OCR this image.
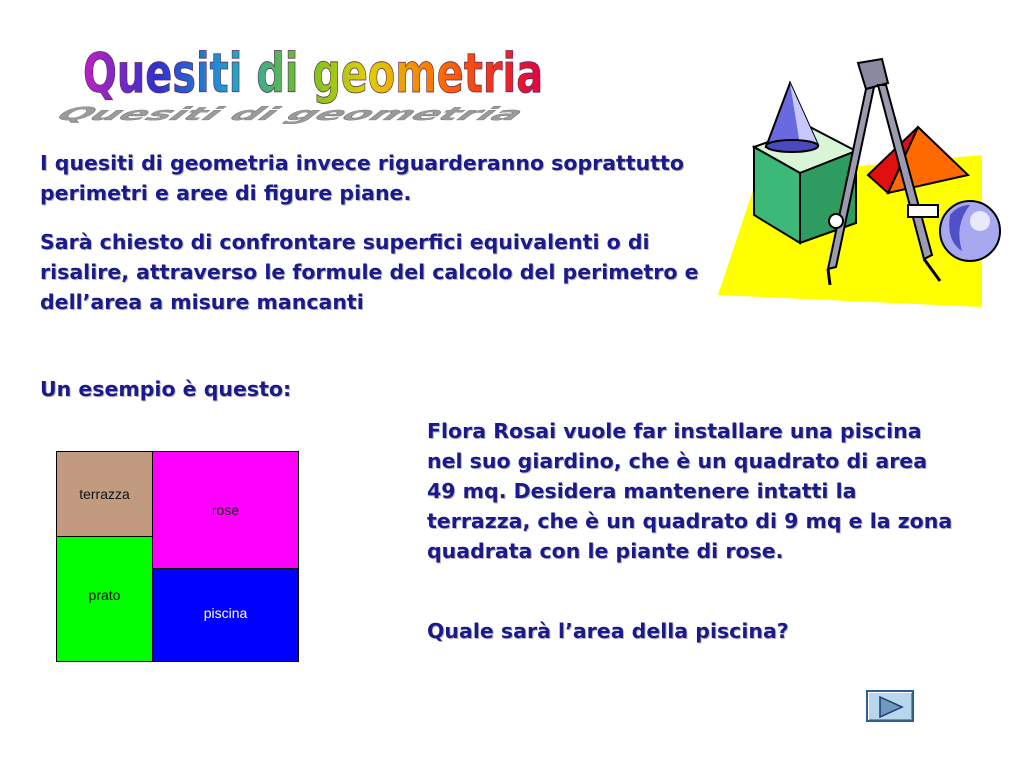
Quesiti di geometria
Quesiti di geometria
I quesiti di geometria invece riguarderanno soprattutto perimetri e aree di figure piane.
Sarà chiesto di confrontare superfici equivalenti o di risalire, attraverso le formule del calcolo del perimetro e dell’area a misure mancanti
Un esempio è questo:
terrazza
rose
prato
piscina
Flora Rosai vuole far installare una piscina nel suo giardino, che è un quadrato di area 49 mq. Desidera mantenere intatti la terrazza, che è un quadrato di 9 mq e la zona quadrata con le piante di rose.
Quale sarà l’area della piscina?
